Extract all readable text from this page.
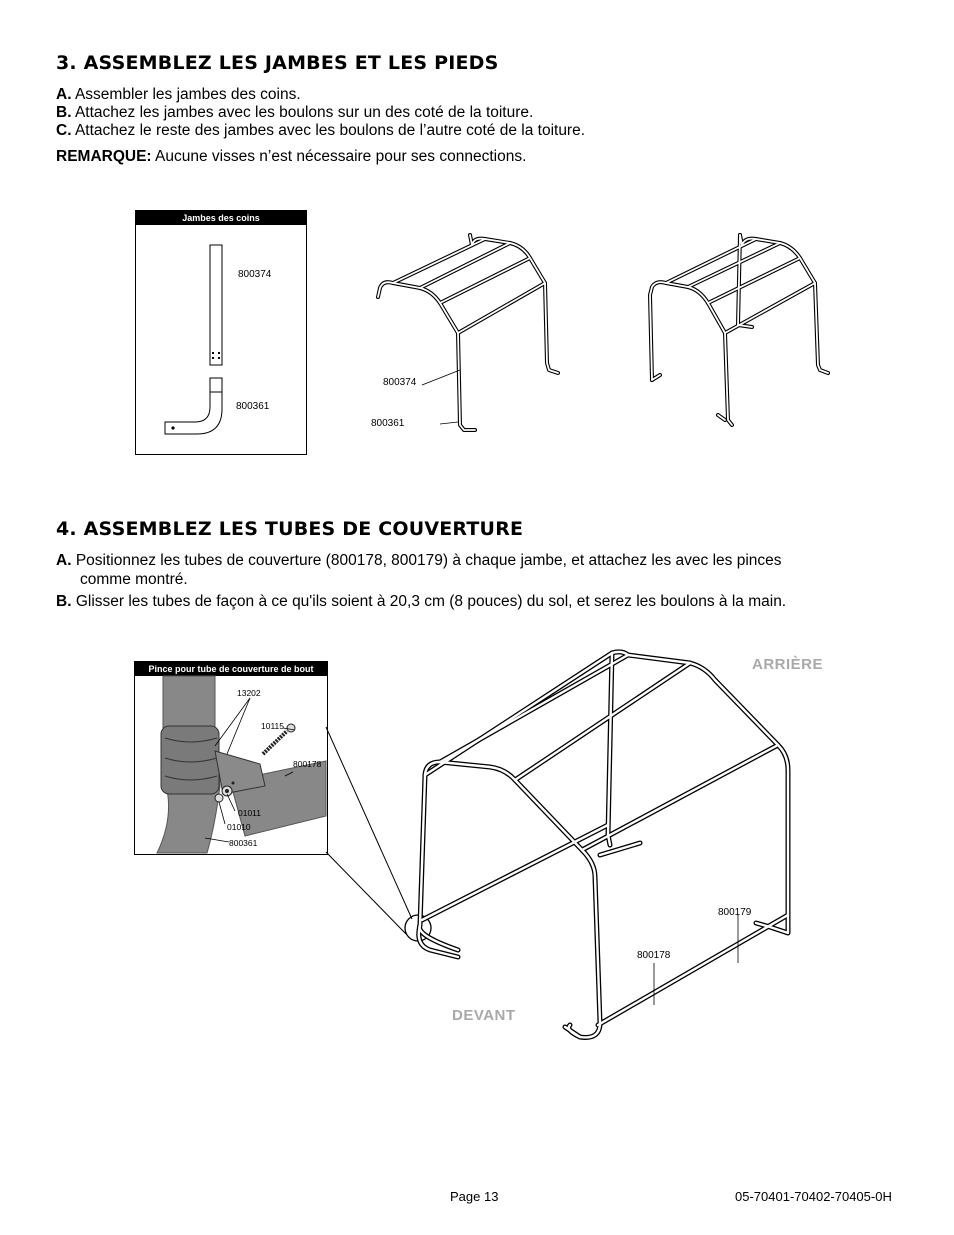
3. ASSEMBLEZ LES JAMBES ET LES PIEDS
A. Assembler les jambes des coins.
B. Attachez les jambes avec les boulons sur un des coté de la toiture.
C. Attachez le reste des jambes avec les boulons de l’autre coté de la toiture.
REMARQUE: Aucune visses n’est nécessaire pour ses connections.
Jambes des coins
800374
800361
800374
800361
4. ASSEMBLEZ LES TUBES DE COUVERTURE
A. Positionnez les tubes de couverture (800178, 800179) à chaque jambe, et attachez les avec les pinces
comme montré.
B. Glisser les tubes de façon à ce qu'ils soient à 20,3 cm (8 pouces) du sol, et serez les boulons à la main.
Pince pour tube de couverture de bout
13202
10115
800178
01011
01010
800361
800179
800178
ARRIÈRE
DEVANT
Page 13	05-70401-70402-70405-0H
